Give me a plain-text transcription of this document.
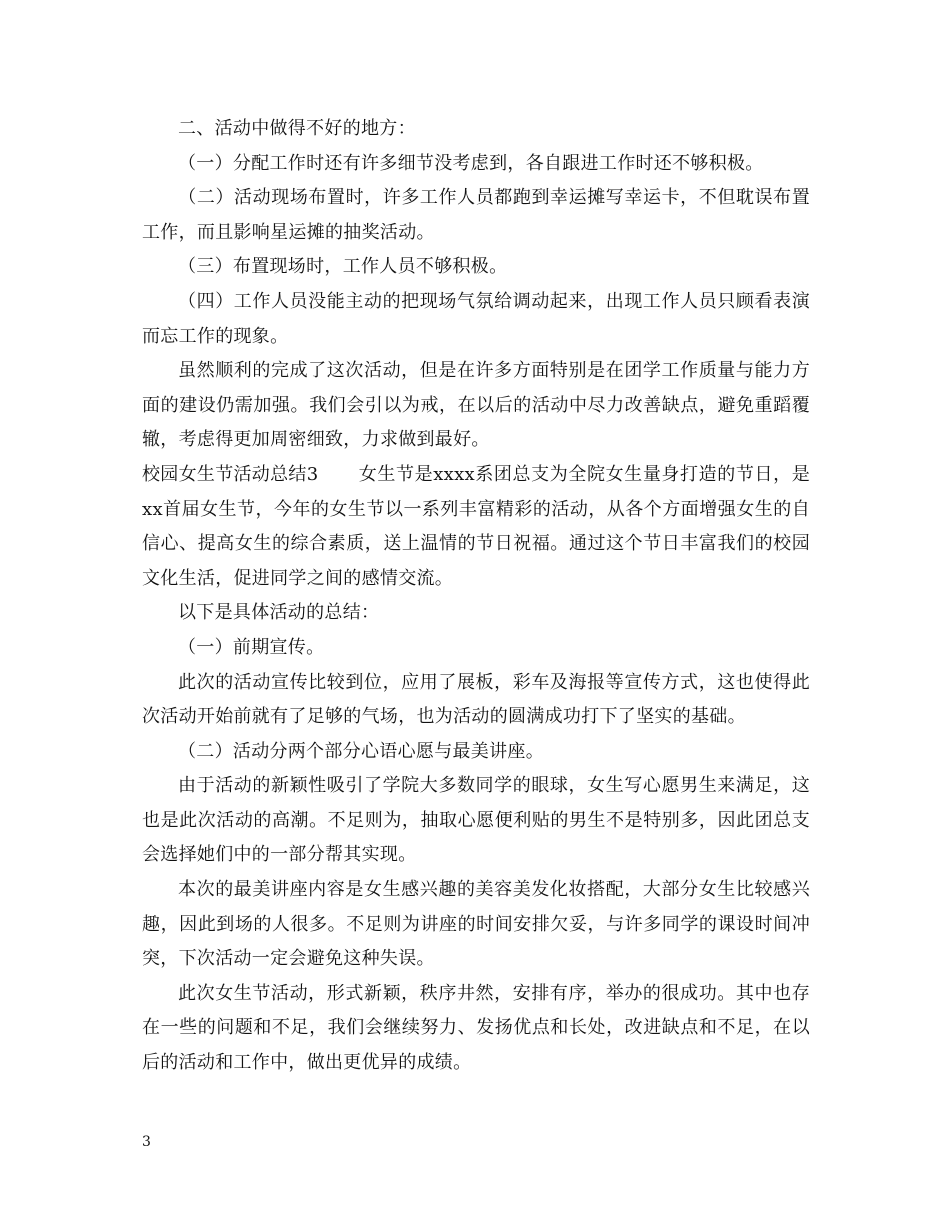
二、活动中做得不好的地方：

（一）分配工作时还有许多细节没考虑到，各自跟进工作时还不够积极。

（二）活动现场布置时，许多工作人员都跑到幸运摊写幸运卡，不但耽误布置工作，而且影响星运摊的抽奖活动。

（三）布置现场时，工作人员不够积极。

（四）工作人员没能主动的把现场气氛给调动起来，出现工作人员只顾看表演而忘工作的现象。

虽然顺利的完成了这次活动，但是在许多方面特别是在团学工作质量与能力方面的建设仍需加强。我们会引以为戒，在以后的活动中尽力改善缺点，避免重蹈覆辙，考虑得更加周密细致，力求做到最好。

校园女生节活动总结3 女生节是xxxx系团总支为全院女生量身打造的节日，是xx首届女生节，今年的女生节以一系列丰富精彩的活动，从各个方面增强女生的自信心、提高女生的综合素质，送上温情的节日祝福。通过这个节日丰富我们的校园文化生活，促进同学之间的感情交流。

以下是具体活动的总结：

（一）前期宣传。

此次的活动宣传比较到位，应用了展板，彩车及海报等宣传方式，这也使得此次活动开始前就有了足够的气场，也为活动的圆满成功打下了坚实的基础。

（二）活动分两个部分心语心愿与最美讲座。

由于活动的新颖性吸引了学院大多数同学的眼球，女生写心愿男生来满足，这也是此次活动的高潮。不足则为，抽取心愿便利贴的男生不是特别多，因此团总支会选择她们中的一部分帮其实现。

本次的最美讲座内容是女生感兴趣的美容美发化妆搭配，大部分女生比较感兴趣，因此到场的人很多。不足则为讲座的时间安排欠妥，与许多同学的课设时间冲突，下次活动一定会避免这种失误。

此次女生节活动，形式新颖，秩序井然，安排有序，举办的很成功。其中也存在一些的问题和不足，我们会继续努力、发扬优点和长处，改进缺点和不足，在以后的活动和工作中，做出更优异的成绩。

3
